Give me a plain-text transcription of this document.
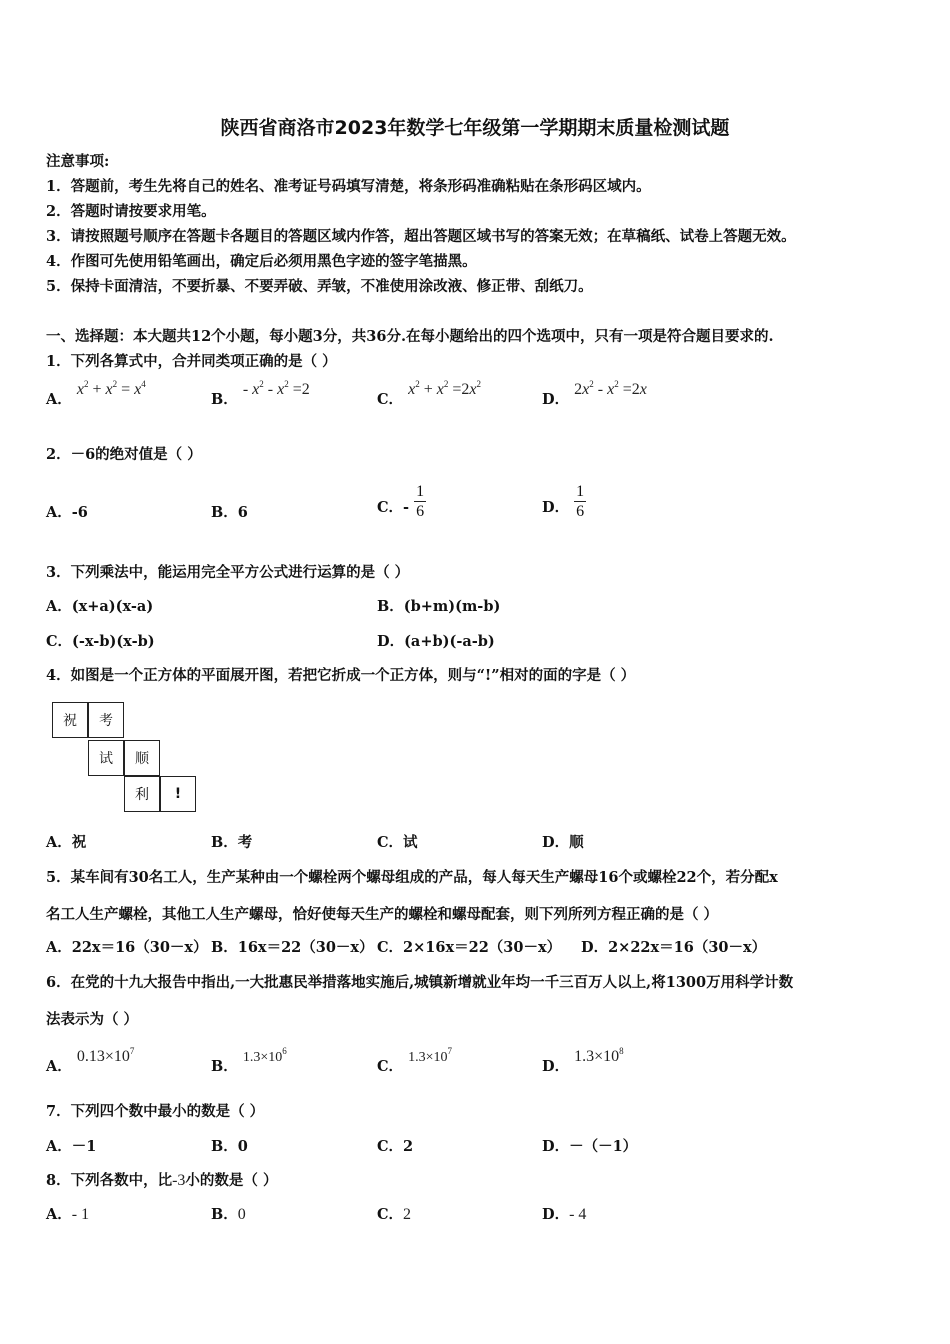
陕西省商洛市2023年数学七年级第一学期期末质量检测试题
注意事项:
1．答题前，考生先将自己的姓名、准考证号码填写清楚，将条形码准确粘贴在条形码区域内。
2．答题时请按要求用笔。
3．请按照题号顺序在答题卡各题目的答题区域内作答，超出答题区域书写的答案无效；在草稿纸、试卷上答题无效。
4．作图可先使用铅笔画出，确定后必须用黑色字迹的签字笔描黑。
5．保持卡面清洁，不要折暴、不要弄破、弄皱，不准使用涂改液、修正带、刮纸刀。
一、选择题：本大题共12个小题，每小题3分，共36分.在每小题给出的四个选项中，只有一项是符合题目要求的.
1．下列各算式中，合并同类项正确的是（ ）
A． $x^2 + x^2 = x^4$
B． - $x^2 - x^2 =2$
C． $x^2 + x^2 =2x^2$
D． $2x^2 - x^2 =2x$
2．－6的绝对值是（ ）
A．-6	B．6	C．- $\frac{1}{6}$	D． $\frac{1}{6}$
3．下列乘法中，能运用完全平方公式进行运算的是（ ）
A．(x+a)(x-a)	B．(b+m)(m-b)
C．(-x-b)(x-b)	D．(a+b)(-a-b)
4．如图是一个正方体的平面展开图，若把它折成一个正方体，则与“!”相对的面的字是（ ）
祝	考
试	顺
利	!
A．祝	B．考	C．试	D．顺
5．某车间有30名工人，生产某种由一个螺栓两个螺母组成的产品，每人每天生产螺母16个或螺栓22个，若分配x
名工人生产螺栓，其他工人生产螺母，恰好使每天生产的螺栓和螺母配套，则下列所列方程正确的是（ ）
A．22x＝16（30－x） B．16x＝22（30－x） C．2×16x＝22（30－x） D．2×22x＝16（30－x）
6．在党的十九大报告中指出,一大批惠民举措落地实施后,城镇新增就业年均一千三百万人以上,将1300万用科学计数
法表示为（ ）
A． $0.13\times 10^7$
B． $1.3\times 10^6$
C． $1.3\times 10^7$
D． $1.3\times 10^8$
7．下列四个数中最小的数是（ ）
A．－1	B．0	C．2	D．－（－1）
8．下列各数中，比-3小的数是（ ）
A．- 1	B．0	C．2	D．- 4
